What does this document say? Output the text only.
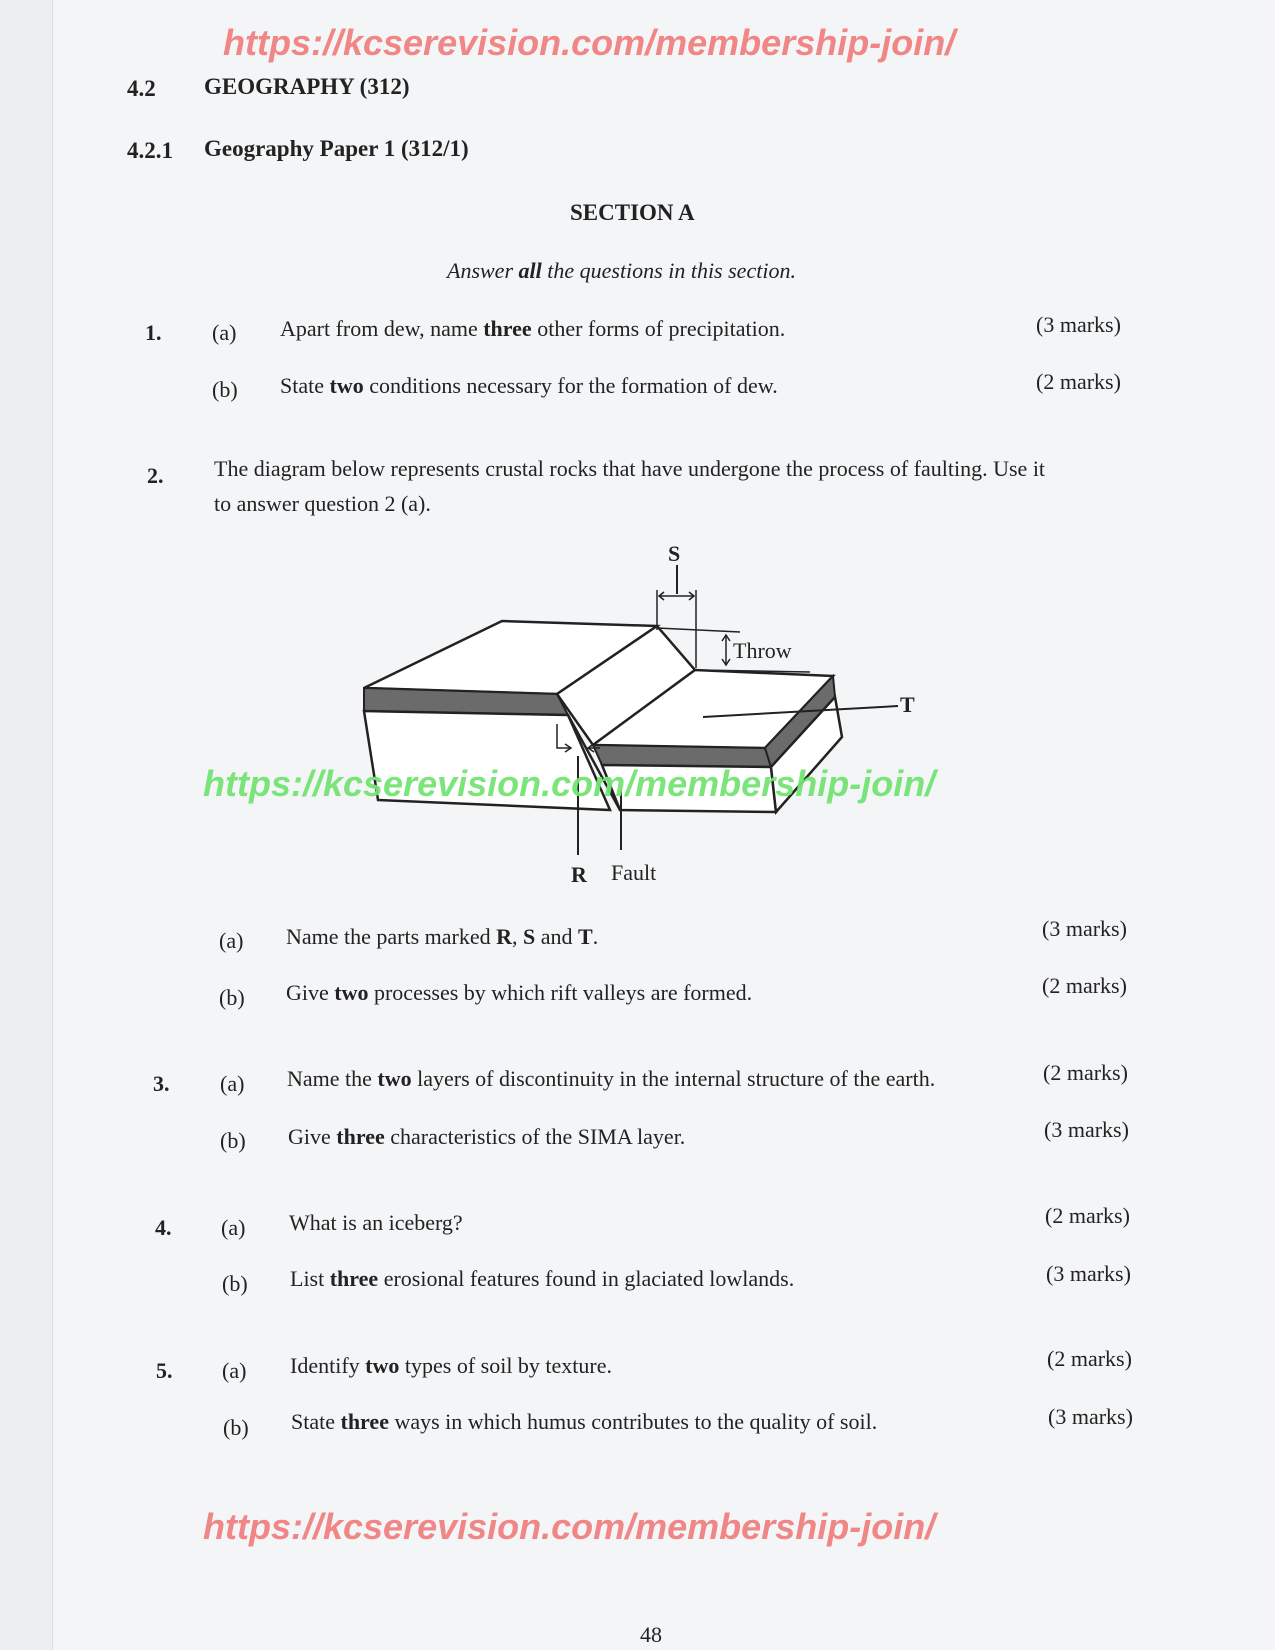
https://kcserevision.com/membership-join/
4.2 GEOGRAPHY (312)
4.2.1 Geography Paper 1 (312/1)
SECTION A
Answer all the questions in this section.
1. (a) Apart from dew, name three other forms of precipitation.	(3 marks)
(b) State two conditions necessary for the formation of dew.	(2 marks)
2. The diagram below represents crustal rocks that have undergone the process of faulting. Use it
to answer question 2 (a).
S
Throw
T
R Fault
https://kcserevision.com/membership-join/
(a) Name the parts marked R, S and T.	(3 marks)
(b) Give two processes by which rift valleys are formed.	(2 marks)
3. (a) Name the two layers of discontinuity in the internal structure of the earth.	(2 marks)
(b) Give three characteristics of the SIMA layer.	(3 marks)
4. (a) What is an iceberg?	(2 marks)
(b) List three erosional features found in glaciated lowlands.	(3 marks)
5. (a) Identify two types of soil by texture.	(2 marks)
(b) State three ways in which humus contributes to the quality of soil.	(3 marks)
https://kcserevision.com/membership-join/
48
